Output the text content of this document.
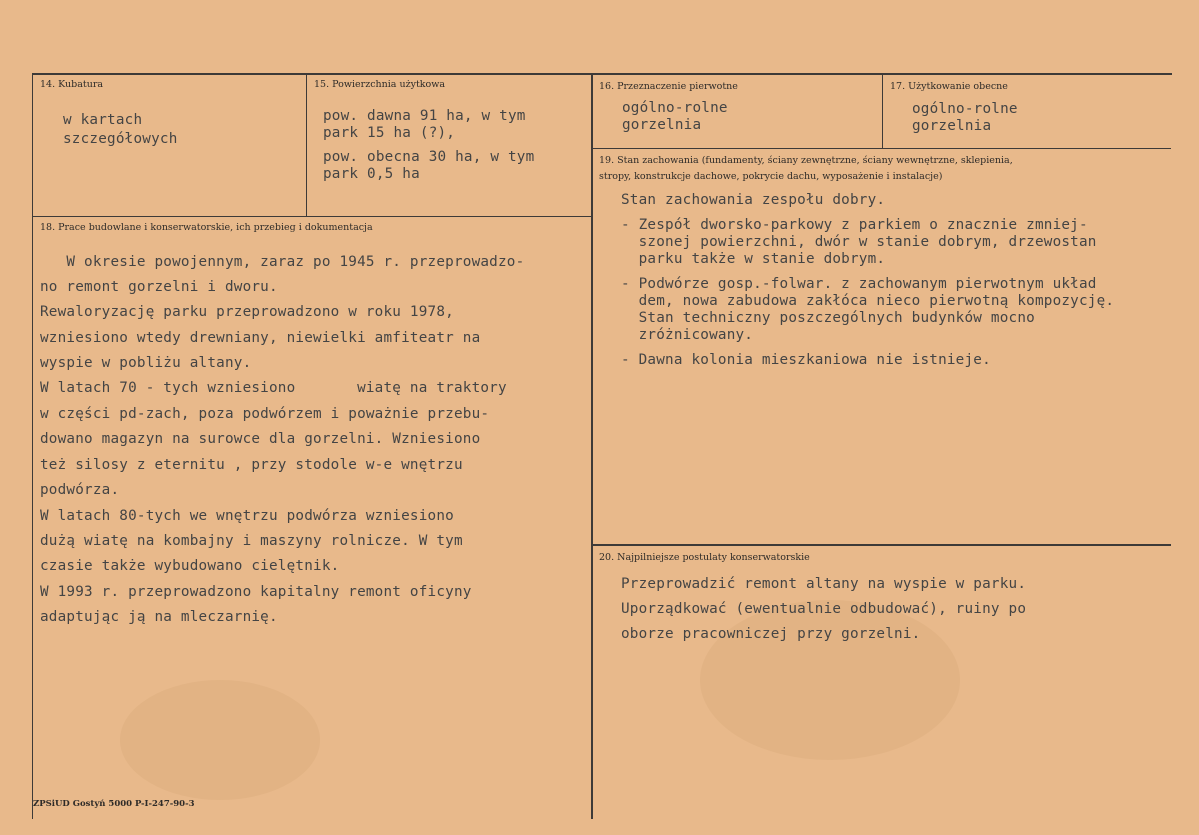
14. Kubatura
w kartach
szczegółowych
15. Powierzchnia użytkowa
pow. dawna 91 ha, w tym
park 15 ha (?),
pow. obecna 30 ha, w tym
park 0,5 ha
16. Przeznaczenie pierwotne
ogólno-rolne
gorzelnia
17. Użytkowanie obecne
ogólno-rolne
gorzelnia
19. Stan zachowania (fundamenty, ściany zewnętrzne, ściany wewnętrzne, sklepienia,
stropy, konstrukcje dachowe, pokrycie dachu, wyposażenie i instalacje)
Stan zachowania zespołu dobry.
- Zespół dworsko-parkowy z parkiem o znacznie zmniej-
szonej powierzchni, dwór w stanie dobrym, drzewostan
parku także w stanie dobrym.
- Podwórze gosp.-folwar. z zachowanym pierwotnym układ
dem, nowa zabudowa zakłóca nieco pierwotną kompozycję.
Stan techniczny poszczególnych budynków mocno
zróżnicowany.
- Dawna kolonia mieszkaniowa nie istnieje.
18. Prace budowlane i konserwatorskie, ich przebieg i dokumentacja
W okresie powojennym, zaraz po 1945 r. przeprowadzo-
no remont gorzelni i dworu.
Rewaloryzację parku przeprowadzono w roku 1978,
wzniesiono wtedy drewniany, niewielki amfiteatr na
wyspie w pobliżu altany.
W latach 70 - tych wzniesiono       wiatę na traktory
w części pd-zach, poza podwórzem i poważnie przebu-
dowano magazyn na surowce dla gorzelni. Wzniesiono
też silosy z eternitu , przy stodole w-e wnętrzu
podwórza.
W latach 80-tych we wnętrzu podwórza wzniesiono
dużą wiatę na kombajny i maszyny rolnicze. W tym
czasie także wybudowano cielętnik.
W 1993 r. przeprowadzono kapitalny remont oficyny
adaptując ją na mleczarnię.
20. Najpilniejsze postulaty konserwatorskie
Przeprowadzić remont altany na wyspie w parku.
Uporządkować (ewentualnie odbudować), ruiny po
oborze pracowniczej przy gorzelni.
ZPSiUD Gostyń 5000 P-I-247-90-3
